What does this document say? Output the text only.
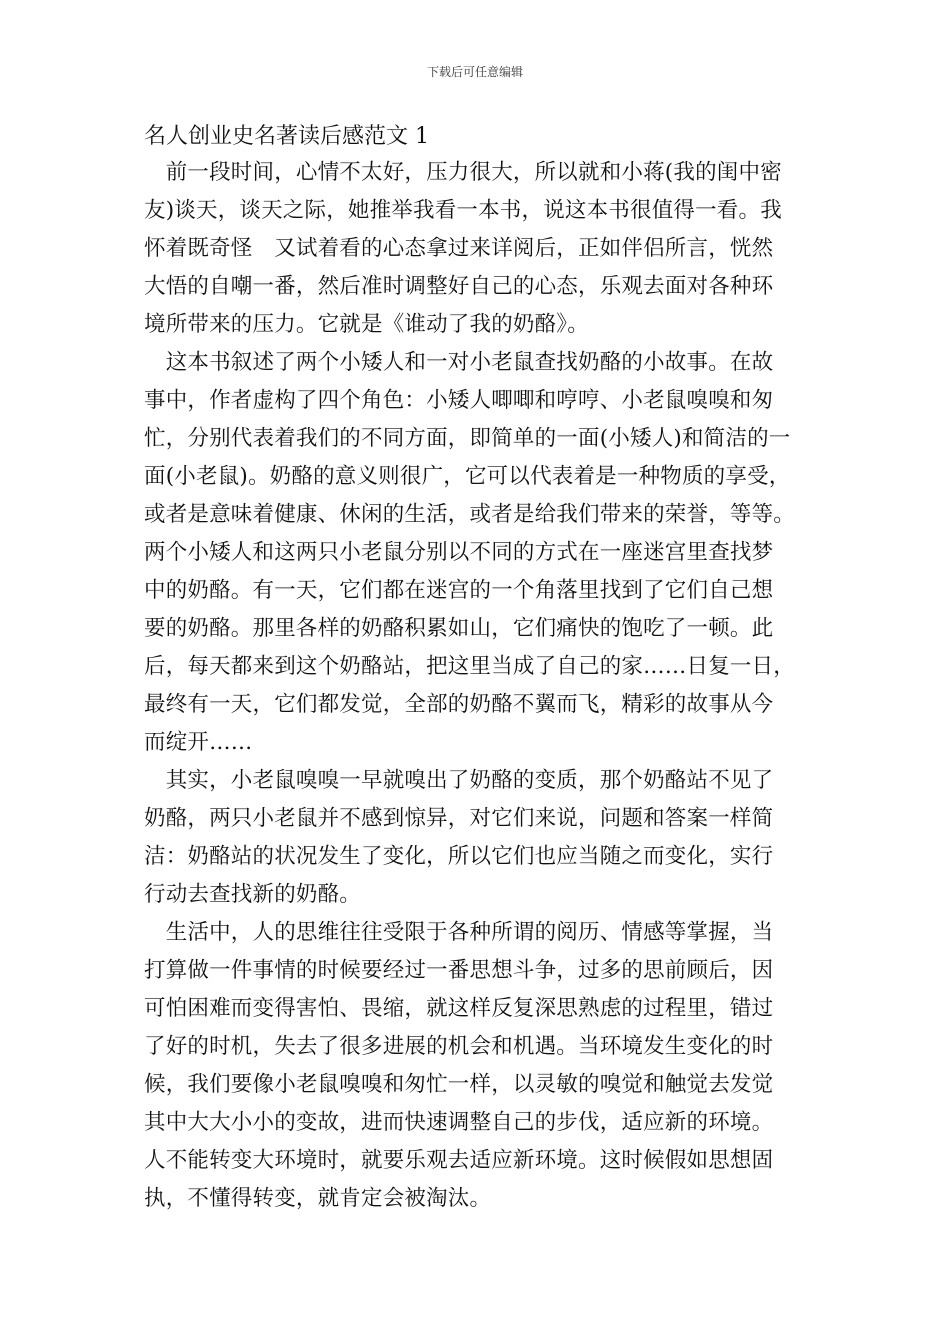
下载后可任意编辑
名人创业史名著读后感范文 1
　前一段时间，心情不太好，压力很大，所以就和小蒋(我的闺中密
友)谈天，谈天之际，她推举我看一本书，说这本书很值得一看。我
怀着既奇怪　又试着看的心态拿过来详阅后，正如伴侣所言，恍然
大悟的自嘲一番，然后准时调整好自己的心态，乐观去面对各种环
境所带来的压力。它就是《谁动了我的奶酪》。
　这本书叙述了两个小矮人和一对小老鼠查找奶酪的小故事。在故
事中，作者虚构了四个角色：小矮人唧唧和哼哼、小老鼠嗅嗅和匆
忙，分别代表着我们的不同方面，即简单的一面(小矮人)和简洁的一
面(小老鼠)。奶酪的意义则很广，它可以代表着是一种物质的享受，
或者是意味着健康、休闲的生活，或者是给我们带来的荣誉，等等。
两个小矮人和这两只小老鼠分别以不同的方式在一座迷宫里查找梦
中的奶酪。有一天，它们都在迷宫的一个角落里找到了它们自己想
要的奶酪。那里各样的奶酪积累如山，它们痛快的饱吃了一顿。此
后，每天都来到这个奶酪站，把这里当成了自己的家……日复一日，
最终有一天，它们都发觉，全部的奶酪不翼而飞，精彩的故事从今
而绽开……
　其实，小老鼠嗅嗅一早就嗅出了奶酪的变质，那个奶酪站不见了
奶酪，两只小老鼠并不感到惊异，对它们来说，问题和答案一样简
洁：奶酪站的状况发生了变化，所以它们也应当随之而变化，实行
行动去查找新的奶酪。
　生活中，人的思维往往受限于各种所谓的阅历、情感等掌握，当
打算做一件事情的时候要经过一番思想斗争，过多的思前顾后，因
可怕困难而变得害怕、畏缩，就这样反复深思熟虑的过程里，错过
了好的时机，失去了很多进展的机会和机遇。当环境发生变化的时
候，我们要像小老鼠嗅嗅和匆忙一样，以灵敏的嗅觉和触觉去发觉
其中大大小小的变故，进而快速调整自己的步伐，适应新的环境。
人不能转变大环境时，就要乐观去适应新环境。这时候假如思想固
执，不懂得转变，就肯定会被淘汰。
